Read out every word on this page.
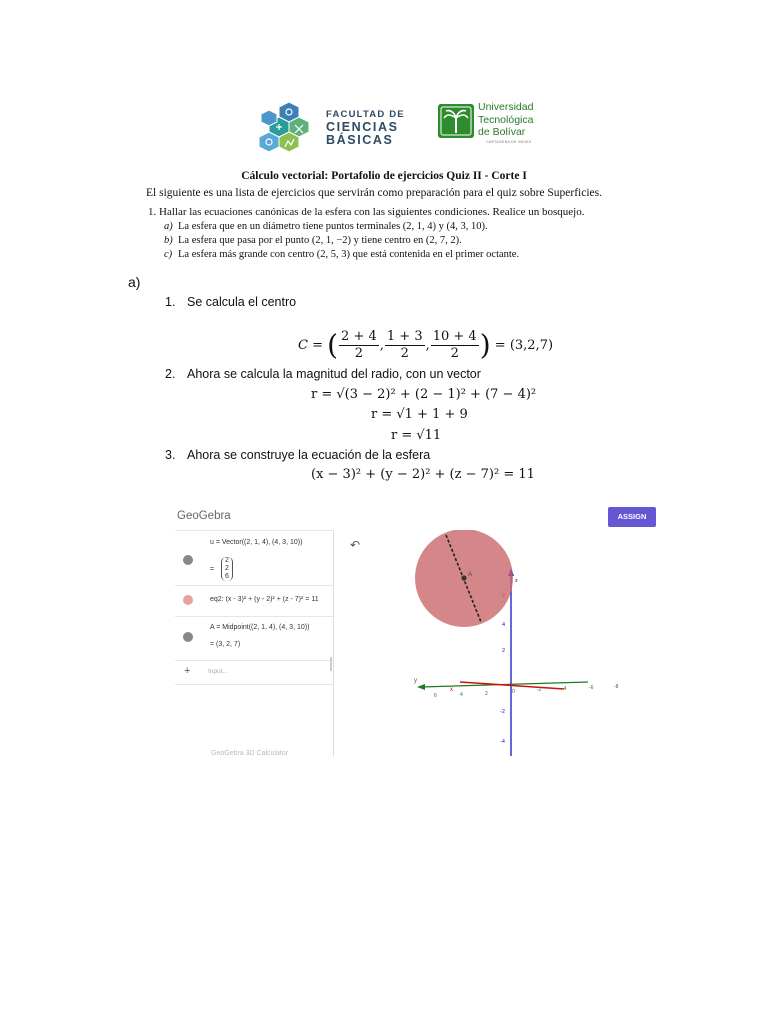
FACULTAD DE
CIENCIAS
BÁSICAS
Universidad
Tecnológica
de Bolívar
CARTAGENA DE INDIAS
Cálculo vectorial: Portafolio de ejercicios Quiz II - Corte I
El siguiente es una lista de ejercicios que servirán como preparación para el quiz sobre Superficies.
1. Hallar las ecuaciones canónicas de la esfera con las siguientes condiciones. Realice un bosquejo.
a) La esfera que en un diámetro tiene puntos terminales (2, 1, 4) y (4, 3, 10).
b) La esfera que pasa por el punto (2, 1, −2) y tiene centro en (2, 7, 2).
c) La esfera más grande con centro (2, 5, 3) que está contenida en el primer octante.
a)
1. Se calcula el centro
C = ( $\frac{2 + 4}{2}$ , $\frac{1 + 3}{2}$ , $\frac{10 + 4}{2}$ ) = (3,2,7)
2. Ahora se calcula la magnitud del radio, con un vector
r = √(3 − 2)² + (2 − 1)² + (7 − 4)²
r = √1 + 1 + 9
r = √11
3. Ahora se construye la ecuación de la esfera
(x − 3)² + (y − 2)² + (z − 7)² = 11
GeoGebra	ASSIGN
u = Vector((2, 1, 4), (4, 3, 10))
=
2
2
6
eq2: (x - 3)² + (y - 2)² + (z - 7)² = 11
A = Midpoint((2, 1, 4), (4, 3, 10))
= (3, 2, 7)
+	Input...
GeoGebra 3D Calculator
↶
z
2
4
-2
-4
y
x
6	4	2	0	-2	-4	-6	-8
A
